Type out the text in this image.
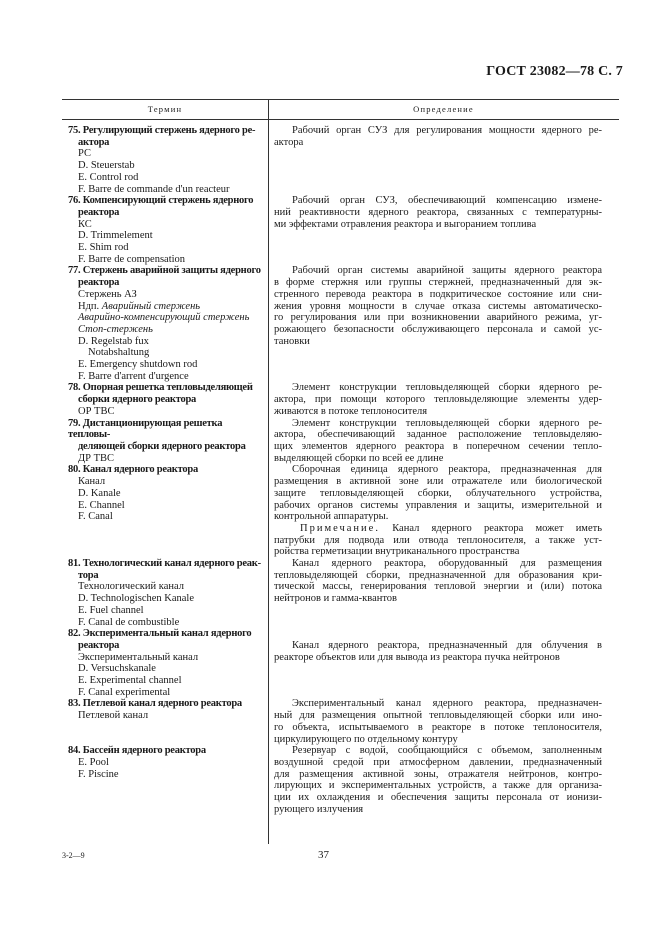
ГОСТ 23082—78 С. 7
Термин	Определение
75. Регулирующий стержень ядерного ре-
актора
РС
D. Steuerstab
E. Control rod
F. Barre de commande d'un reacteur
Рабочий орган СУЗ для регулирования мощности ядерного ре-
актора
76. Компенсирующий стержень ядерного
реактора
КС
D. Trimmelement
E. Shim rod
F. Barre de compensation
Рабочий орган СУЗ, обеспечивающий компенсацию измене-
ний реактивности ядерного реактора, связанных с температурны-
ми эффектами отравления реактора и выгоранием топлива
77. Стержень аварийной защиты ядерного
реактора
Стержень АЗ
Ндп. Аварийный стержень
Аварийно-компенсирующий стержень
Стоп-стержень
D. Regelstab fux
Notabshaltung
E. Emergency shutdown rod
F. Barre d'arrent d'urgence
Рабочий орган системы аварийной защиты ядерного реактора
в форме стержня или группы стержней, предназначенный для эк-
стренного перевода реактора в подкритическое состояние или сни-
жения уровня мощности в случае отказа системы автоматическо-
го регулирования или при возникновении аварийного режима, уг-
рожающего безопасности обслуживающего персонала и самой ус-
тановки
78. Опорная решетка тепловыделяющей
сборки ядерного реактора
ОР ТВС
Элемент конструкции тепловыделяющей сборки ядерного ре-
актора, при помощи которого тепловыделяющие элементы удер-
живаются в потоке теплоносителя
79. Дистанционирующая решетка тепловы-
деляющей сборки ядерного реактора
ДР ТВС
Элемент конструкции тепловыделяющей сборки ядерного ре-
актора, обеспечивающий заданное расположение тепловыделяю-
щих элементов ядерного реактора в поперечном сечении тепло-
выделяющей сборки по всей ее длине
80. Канал ядерного реактора
Канал
D. Kanale
E. Channel
F. Canal
Сборочная единица ядерного реактора, предназначенная для
размещения в активной зоне или отражателе или биологической
защите тепловыделяющей сборки, облучательного устройства,
рабочих органов системы управления и защиты, измерительной и
контрольной аппаратуры.
Примечание. Канал ядерного реактора может иметь
патрубки для подвода или отвода теплоносителя, а также уст-
ройства герметизации внутриканального пространства
81. Технологический канал ядерного реак-
тора
Технологический канал
D. Technologischen Kanale
E. Fuel channel
F. Canal de combustible
Канал ядерного реактора, оборудованный для размещения
тепловыделяющей сборки, предназначенной для образования кри-
тической массы, генерирования тепловой энергии и (или) потока
нейтронов и гамма-квантов
82. Экспериментальный канал ядерного
реактора
Экспериментальный канал
D. Versuchskanale
E. Experimental channel
F. Canal experimental
Канал ядерного реактора, предназначенный для облучения в
реакторе объектов или для вывода из реактора пучка нейтронов
83. Петлевой канал ядерного реактора
Петлевой канал
Экспериментальный канал ядерного реактора, предназначен-
ный для размещения опытной тепловыделяющей сборки или ино-
го объекта, испытываемого в реакторе в потоке теплоносителя,
циркулирующего по отдельному контуру
84. Бассейн ядерного реактора
E. Pool
F. Piscine
Резервуар с водой, сообщающийся с объемом, заполненным
воздушной средой при атмосферном давлении, предназначенный
для размещения активной зоны, отражателя нейтронов, контро-
лирующих и экспериментальных устройств, а также для организа-
ции их охлаждения и обеспечения защиты персонала от ионизи-
рующего излучения
3-2—9	37
